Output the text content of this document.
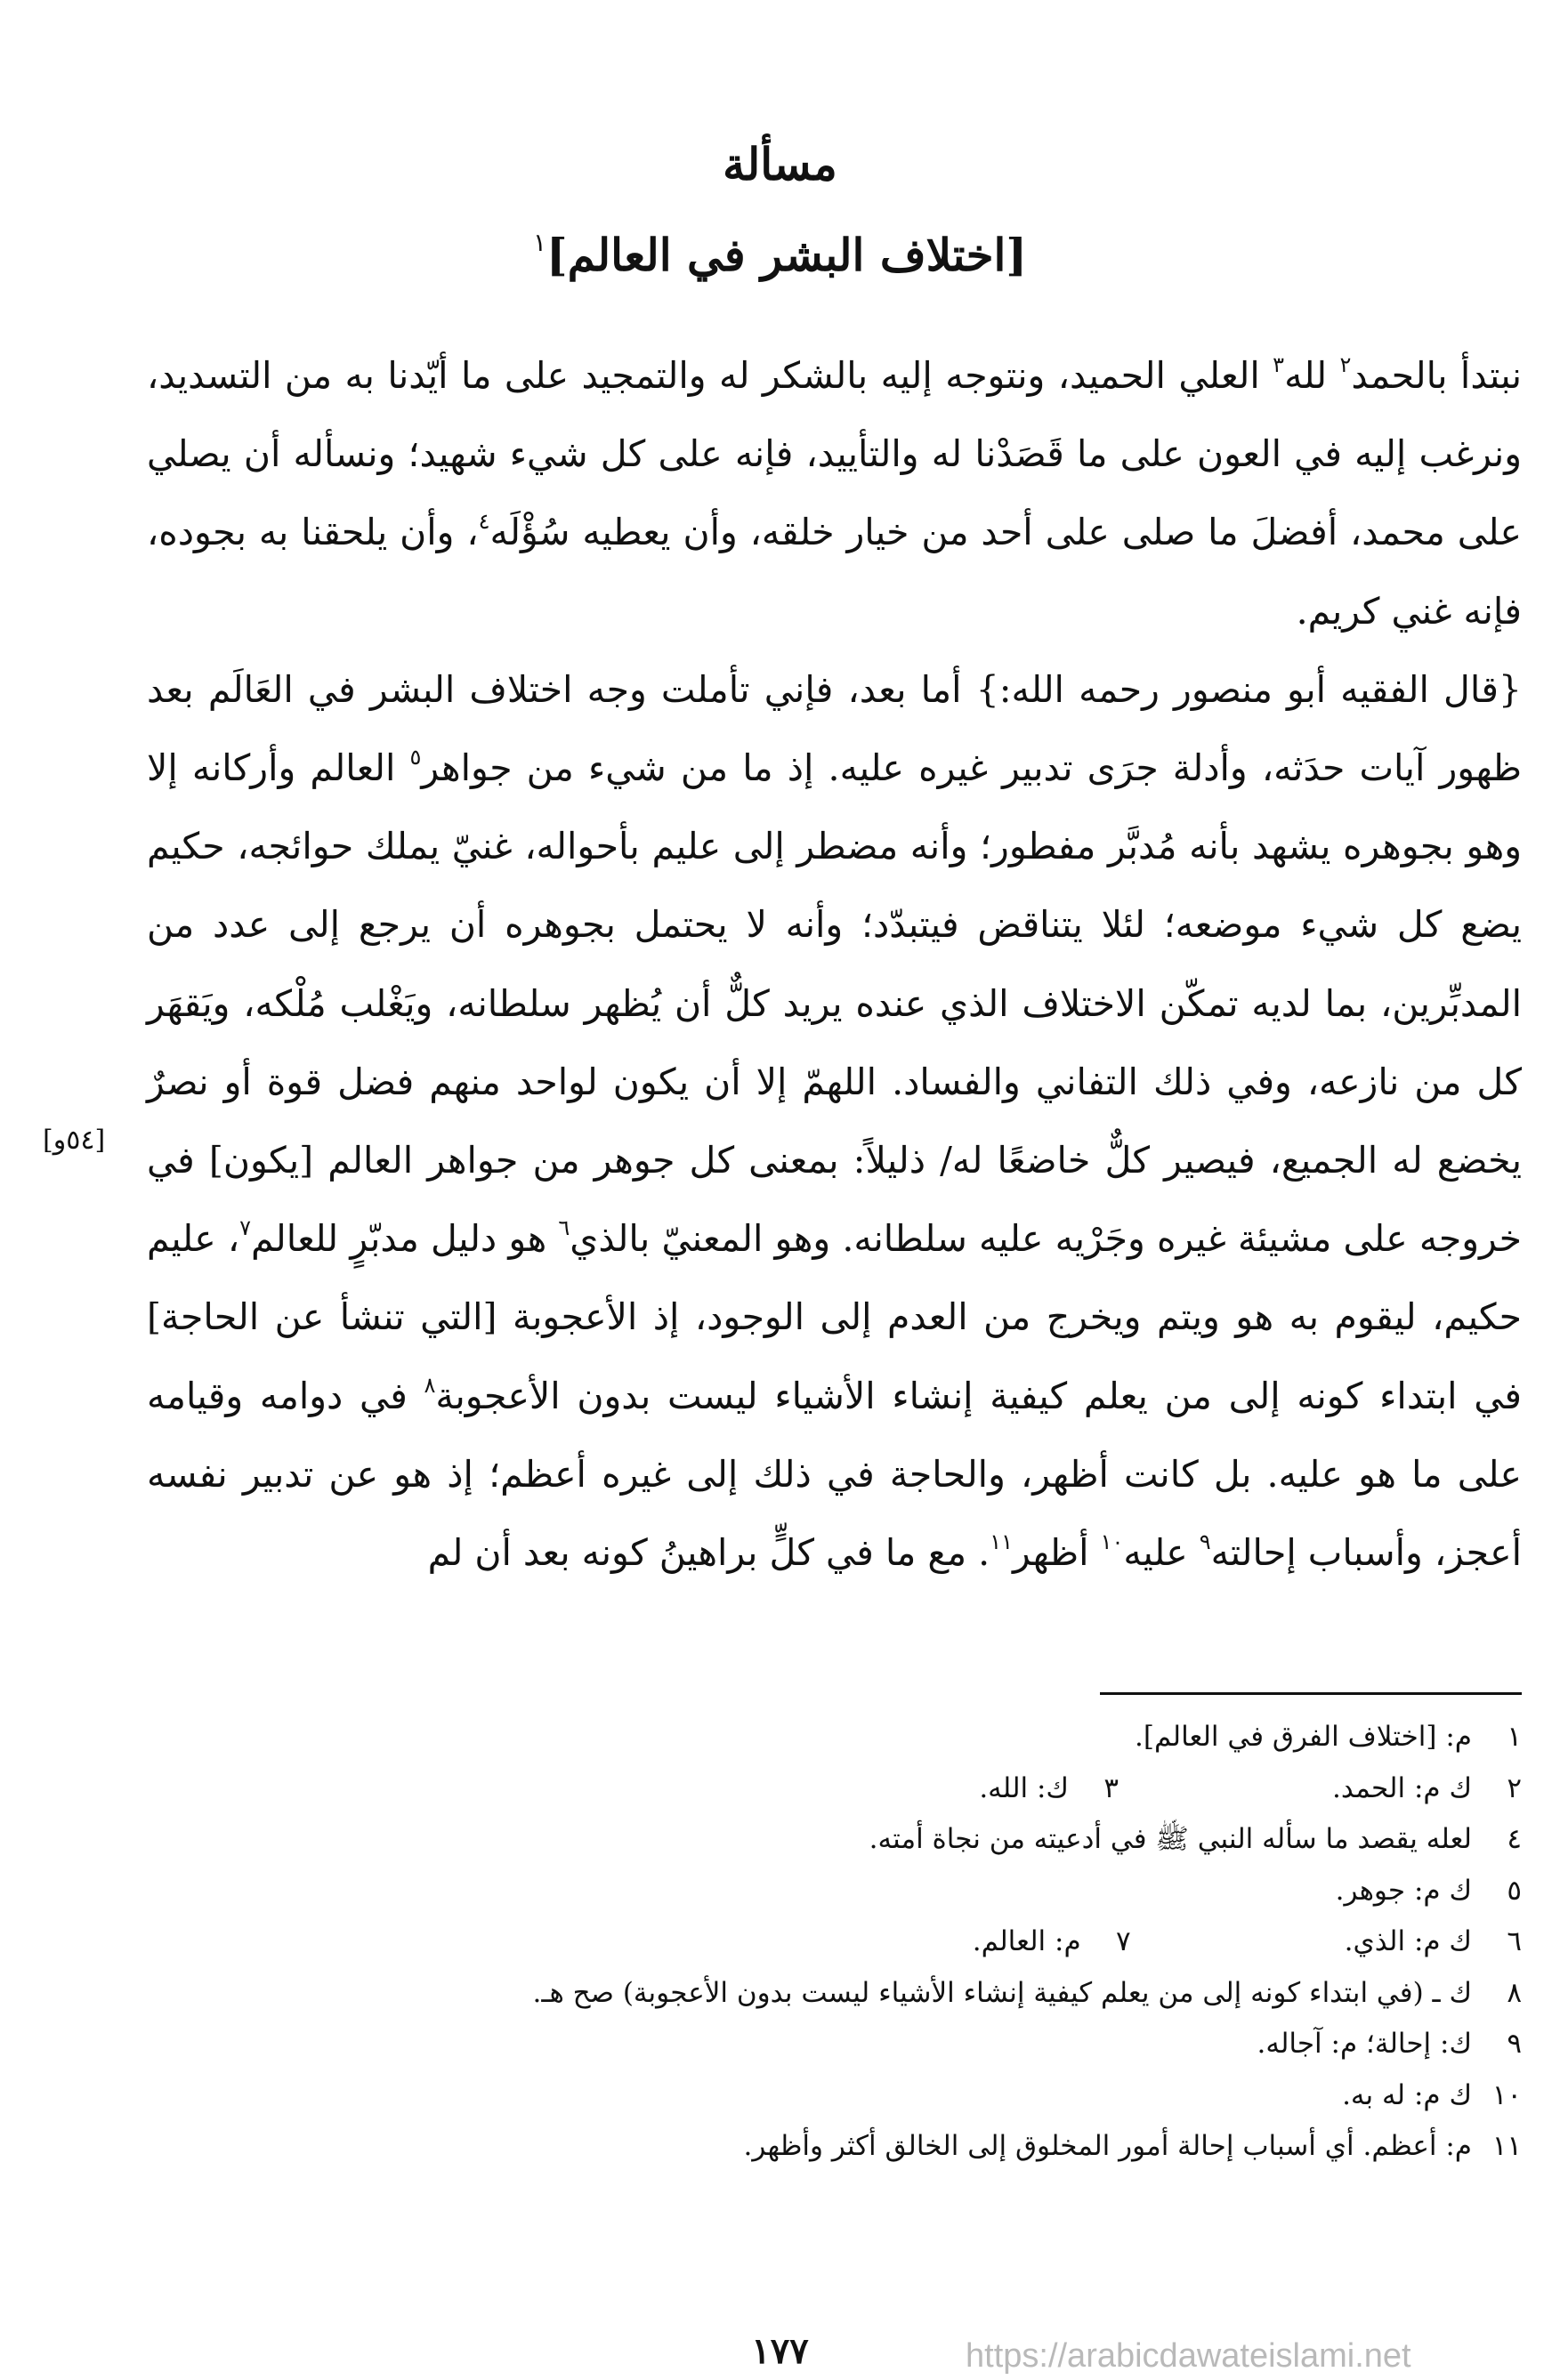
مسألة
[اختلاف البشر في العالم]$^١$

نبتدأ بالحمد$^٢$ لله$^٣$ العلي الحميد، ونتوجه إليه بالشكر له والتمجيد على ما أيّدنا به من التسديد، ونرغب إليه في العون على ما قَصَدْنا له والتأييد، فإنه على كل شيء شهيد؛ ونسأله أن يصلي على محمد، أفضلَ ما صلى على أحد من خيار خلقه، وأن يعطيه سُؤْلَه$^٤$، وأن يلحقنا به بجوده، فإنه غني كريم.

{قال الفقيه أبو منصور رحمه الله:} أما بعد، فإني تأملت وجه اختلاف البشر في العَالَم بعد ظهور آيات حدَثه، وأدلة جرَى تدبير غيره عليه. إذ ما من شيء من جواهر$^٥$ العالم وأركانه إلا وهو بجوهره يشهد بأنه مُدبَّر مفطور؛ وأنه مضطر إلى عليم بأحواله، غنيّ يملك حوائجه، حكيم يضع كل شيء موضعه؛ لئلا يتناقض فيتبدّد؛ وأنه لا يحتمل بجوهره أن يرجع إلى عدد من المدبِّرين، بما لديه تمكّن الاختلاف الذي عنده يريد كلٌّ أن يُظهر سلطانه، ويَغْلب مُلْكه، ويَقهَر كل من نازعه، وفي ذلك التفاني والفساد. اللهمّ إلا أن يكون لواحد منهم فضل قوة أو نصرٌ يخضع له الجميع، فيصير كلٌّ خاضعًا له/ ذليلاً: بمعنى كل جوهر من جواهر العالم [يكون] في خروجه على مشيئة غيره وجَرْيه عليه سلطانه. وهو المعنيّ بالذي$^٦$ هو دليل مدبّرٍ للعالم$^٧$، عليم حكيم، ليقوم به هو ويتم ويخرج من العدم إلى الوجود، إذ الأعجوبة [التي تنشأ عن الحاجة] في ابتداء كونه إلى من يعلم كيفية إنشاء الأشياء ليست بدون الأعجوبة$^٨$ في دوامه وقيامه على ما هو عليه. بل كانت أظهر، والحاجة في ذلك إلى غيره أعظم؛ إذ هو عن تدبير نفسه أعجز، وأسباب إحالته$^٩$ عليه$^{١٠}$ أظهر$^{١١}$. مع ما في كلٍّ براهينُ كونه بعد أن لم

[٥٤و]
١
م: [اختلاف الفرق في العالم].
٢
ك م: الحمد.
٣
ك: الله.
٤
لعله يقصد ما سأله النبي ﷺ في أدعيته من نجاة أمته.
٥
ك م: جوهر.
٦
ك م: الذي.
٧
م: العالم.
٨
ك ـ (في ابتداء كونه إلى من يعلم كيفية إنشاء الأشياء ليست بدون الأعجوبة) صح هـ.
٩
ك: إحالة؛ م: آجاله.
١٠
ك م: له به.
١١
م: أعظم. أي أسباب إحالة أمور المخلوق إلى الخالق أكثر وأظهر.
١٧٧	https://arabicdawateislami.net
